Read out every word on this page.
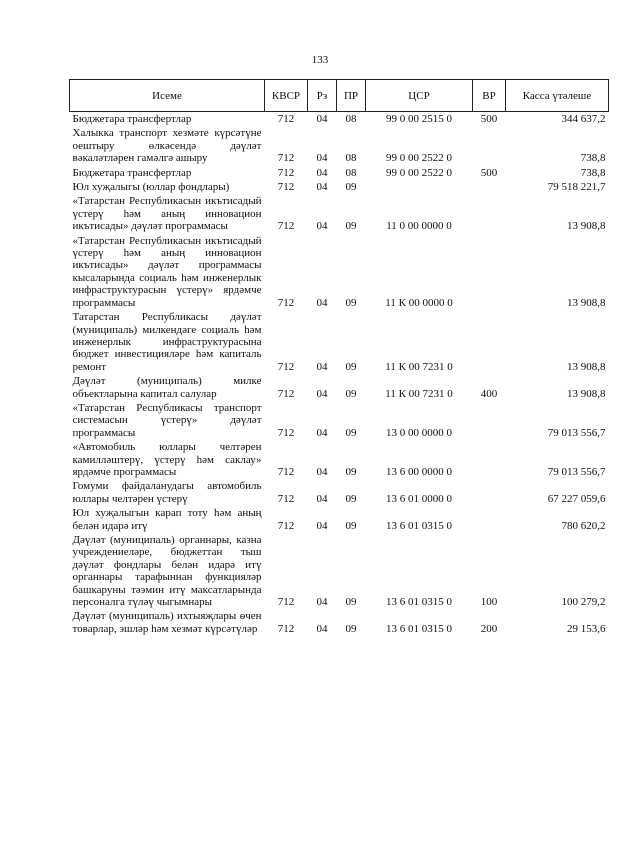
133
Исеме	КВСР	Рз	ПР	ЦСР	ВР	Касса үтәлеше
Бюджетара трансфертлар	712	04	08	99 0 00 2515 0	500	344 637,2
Халыкка транспорт хезмәте күрсәтүне оештыру өлкәсендә дәүләт вәкаләтләрен гамәлгә ашыру	712	04	08	99 0 00 2522 0		738,8
Бюджетара трансфертлар	712	04	08	99 0 00 2522 0	500	738,8
Юл хуҗалыгы (юллар фондлары)	712	04	09			79 518 221,7
«Татарстан Республикасын икътисадый үстерү һәм аның инновацион икътисады» дәүләт программасы	712	04	09	11 0 00 0000 0		13 908,8
«Татарстан Республикасын икътисадый үстерү һәм аның инновацион икътисады» дәүләт программасы кысаларында социаль һәм инженерлык инфраструктурасын үстерү» ярдәмче программасы	712	04	09	11 К 00 0000 0		13 908,8
Татарстан Республикасы дәүләт (муниципаль) милкендәге социаль һәм инженерлык инфраструктурасына бюджет инвестицияләре һәм капиталь ремонт	712	04	09	11 К 00 7231 0		13 908,8
Дәүләт (муниципаль) милке объектларына капитал салулар	712	04	09	11 К 00 7231 0	400	13 908,8
«Татарстан Республикасы транспорт системасын үстерү» дәүләт программасы	712	04	09	13 0 00 0000 0		79 013 556,7
«Автомобиль юллары челтәрен камилләштерү, үстерү һәм саклау» ярдәмче программасы	712	04	09	13 6 00 0000 0		79 013 556,7
Гомуми файдаланудагы автомобиль юллары челтәрен үстерү	712	04	09	13 6 01 0000 0		67 227 059,6
Юл хуҗалыгын карап тоту һәм аның белән идарә итү	712	04	09	13 6 01 0315 0		780 620,2
Дәүләт (муниципаль) органнары, казна учреждениеләре, бюджеттан тыш дәүләт фондлары белән идарә итү органнары тарафыннан функцияләр башкаруны тәэмин итү максатларында персоналга түләү чыгымнары	712	04	09	13 6 01 0315 0	100	100 279,2
Дәүләт (муниципаль) ихтыяҗлары өчен товарлар, эшләр һәм хезмәт күрсәтүләр	712	04	09	13 6 01 0315 0	200	29 153,6
